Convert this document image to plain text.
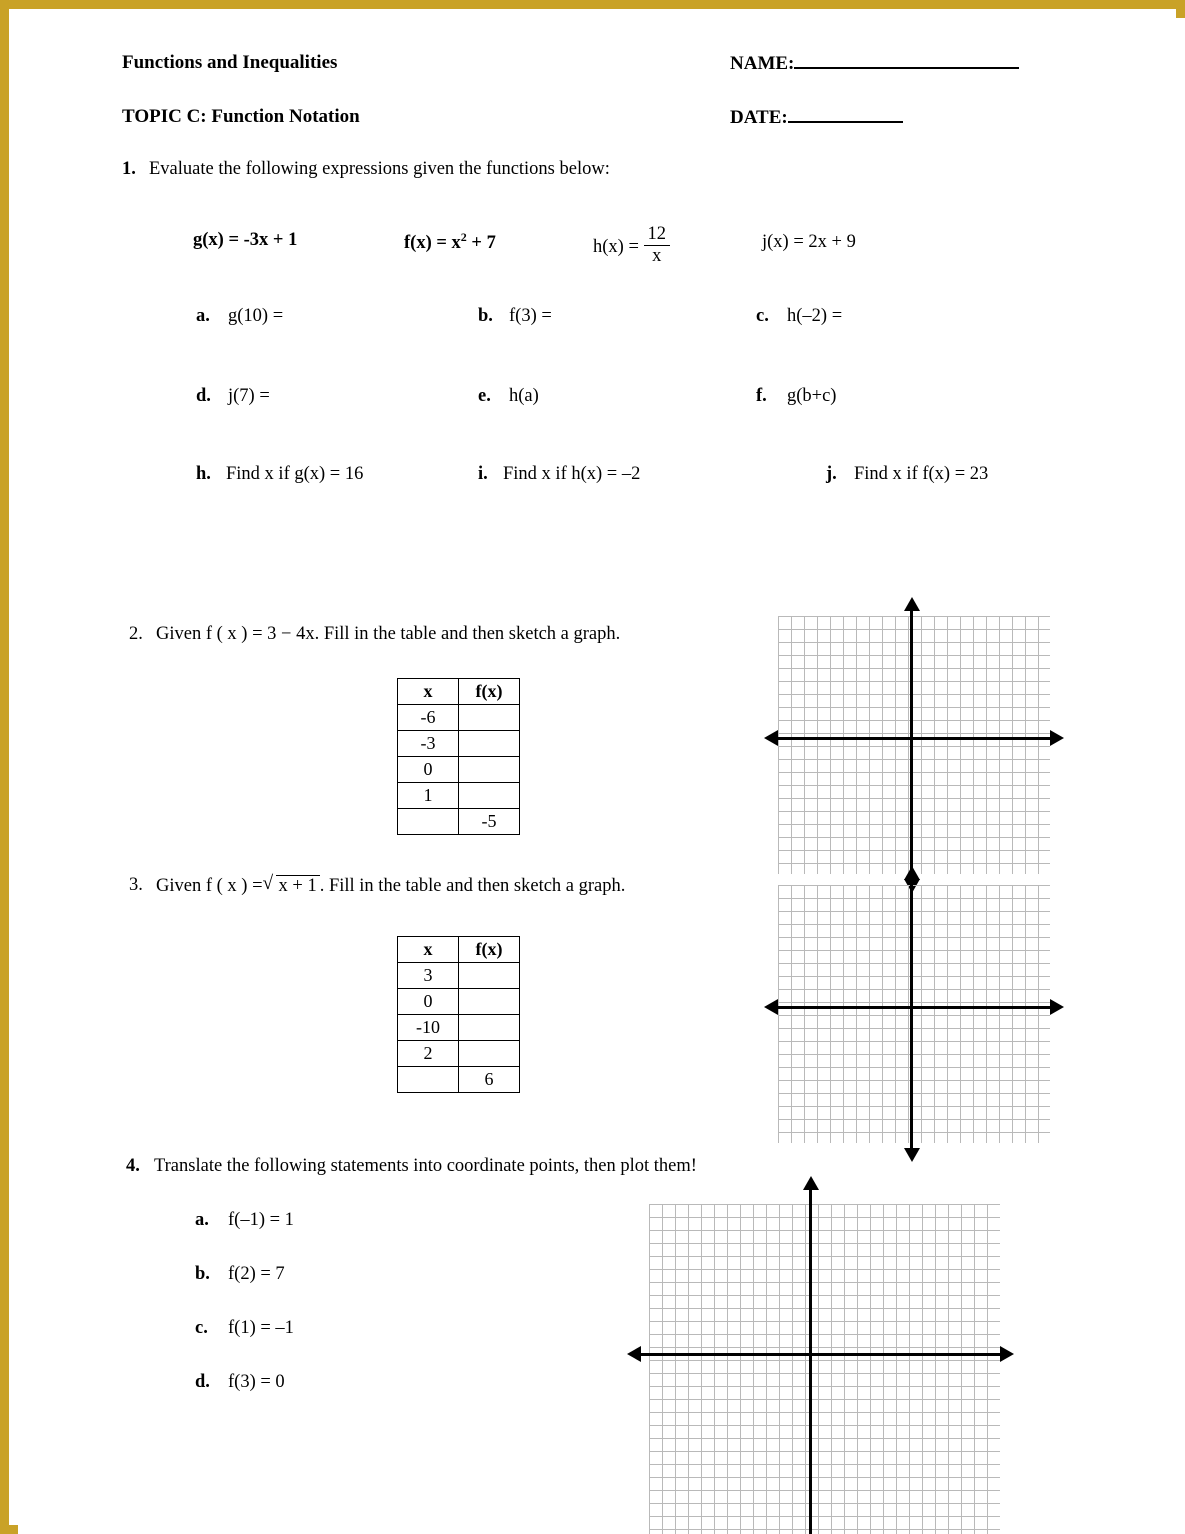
Functions and Inequalities	NAME:
TOPIC C: Function Notation	DATE:
1. Evaluate the following expressions given the functions below:
g(x) = -3x + 1	$f(x) = x^2 + 7$	$h(x) = \frac{12}{x}$	j(x) = 2x + 9
a. g(10) =	b. f(3) =	c. h(–2) =
d. j(7) =	e. h(a)	f. g(b+c)
h. Find x if g(x) = 16	i. Find x if h(x) = –2	j. Find x if f(x) = 23
2. Given f ( x ) = 3 − 4x. Fill in the table and then sketch a graph.
x	f(x)
-6	
-3	
0	
1	
	-5
3. Given f ( x ) = √ x + 1 . Fill in the table and then sketch a graph.
x	f(x)
3	
0	
-10	
2	
	6
4. Translate the following statements into coordinate points, then plot them!
a. f(–1) = 1
b. f(2) = 7
c. f(1) = –1
d. f(3) = 0
